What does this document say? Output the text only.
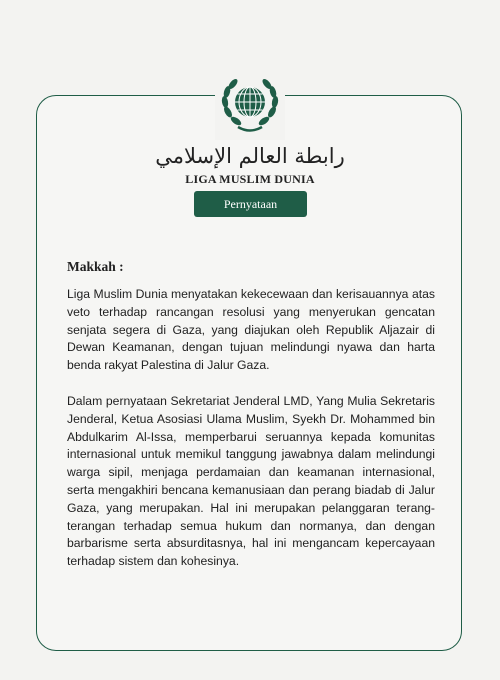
رابطة العالم الإسلامي
LIGA MUSLIM DUNIA
Pernyataan
Makkah :

Liga Muslim Dunia menyatakan kekecewaan dan kerisauannya atas veto terhadap rancangan resolusi yang menyerukan gencatan senjata segera di Gaza, yang diajukan oleh Republik Aljazair di Dewan Keamanan, dengan tujuan melindungi nyawa dan harta benda rakyat Palestina di Jalur Gaza.

Dalam pernyataan Sekretariat Jenderal LMD, Yang Mulia Sekretaris Jenderal, Ketua Asosiasi Ulama Muslim, Syekh Dr. Mohammed bin Abdulkarim Al-Issa, memperbarui seruannya kepada komunitas internasional untuk memikul tanggung jawabnya dalam melindungi warga sipil, menjaga perdamaian dan keamanan internasional, serta mengakhiri bencana kemanusiaan dan perang biadab di Jalur Gaza, yang merupakan. Hal ini merupakan pelanggaran terang-terangan terhadap semua hukum dan normanya, dan dengan barbarisme serta absurditasnya, hal ini mengancam kepercayaan terhadap sistem dan kohesinya.
